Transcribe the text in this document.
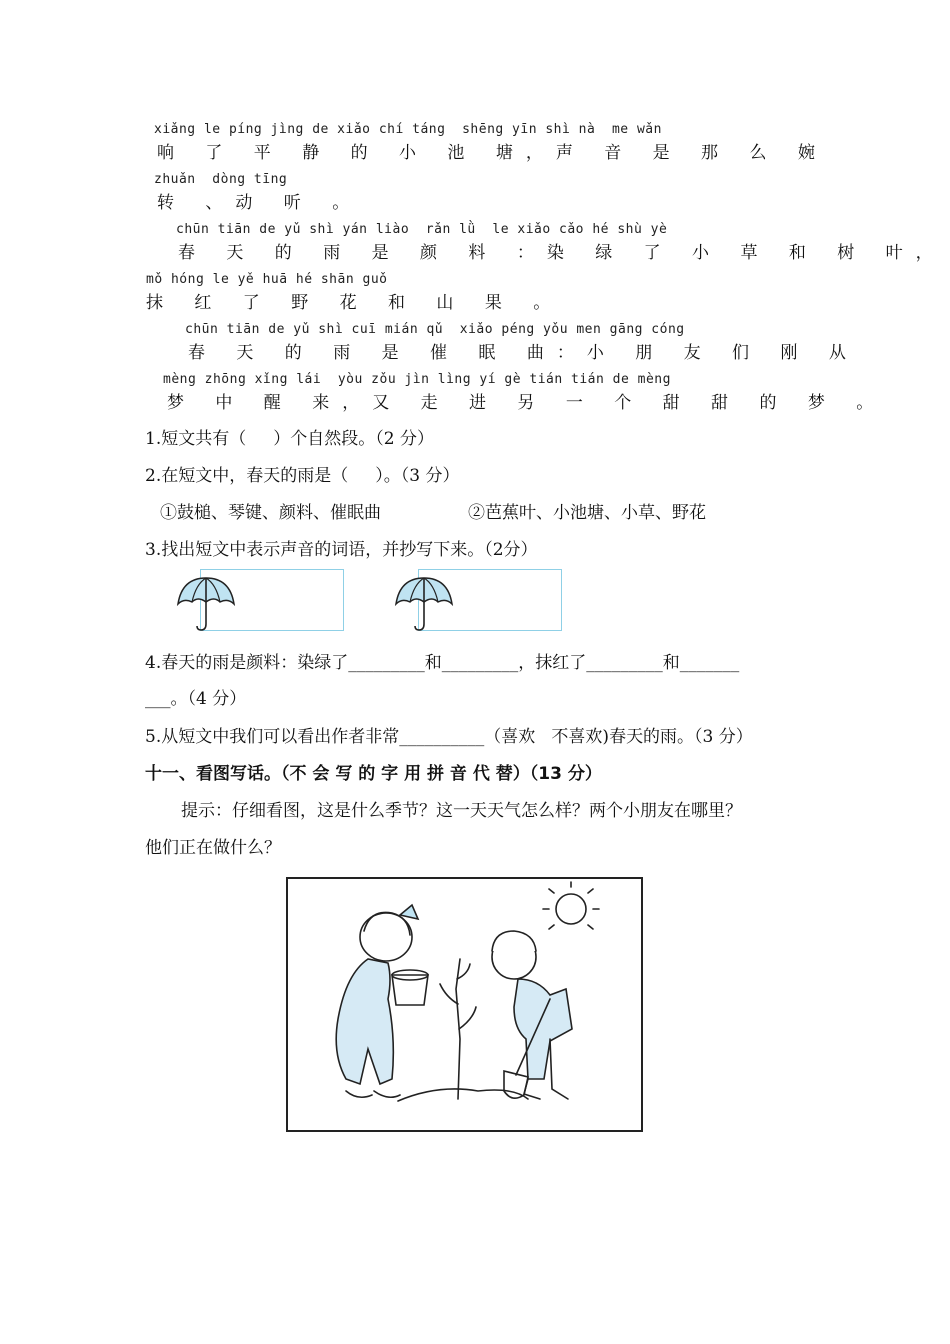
xiǎng le píng jìng de xiǎo chí táng  shēng yīn shì nà  me wǎn
响 了 平 静 的 小 池 塘，声 音 是 那 么 婉
zhuǎn  dòng tīng
转 、动 听 。
chūn tiān de yǔ shì yán liào  rǎn lǜ  le xiǎo cǎo hé shù yè
春 天 的 雨 是 颜 料 ：染 绿 了 小 草 和 树 叶，
mǒ hóng le yě huā hé shān guǒ
抹 红 了 野 花 和 山 果 。
chūn tiān de yǔ shì cuī mián qǔ  xiǎo péng yǒu men gāng cóng
春 天 的 雨 是 催 眠 曲：小 朋 友 们 刚 从
mèng zhōng xǐng lái  yòu zǒu jìn lìng yí gè tián tián de mèng
梦 中 醒 来，又 走 进 另 一 个 甜 甜 的 梦 。
1.短文共有（     ）个自然段。（2 分）
2.在短文中，春天的雨是（     ）。（3 分）
①鼓槌、琴键、颜料、催眠曲	②芭蕉叶、小池塘、小草、野花
3.找出短文中表示声音的词语，并抄写下来。（2分）
4.春天的雨是颜料：染绿了_________和_________，抹红了_________和_______
___。（4 分）
5.从短文中我们可以看出作者非常__________（喜欢   不喜欢)春天的雨。（3 分）
十一、看图写话。（不 会 写 的 字 用 拼 音 代 替）（13 分）
提示：仔细看图，这是什么季节？这一天天气怎么样？两个小朋友在哪里？
他们正在做什么？
